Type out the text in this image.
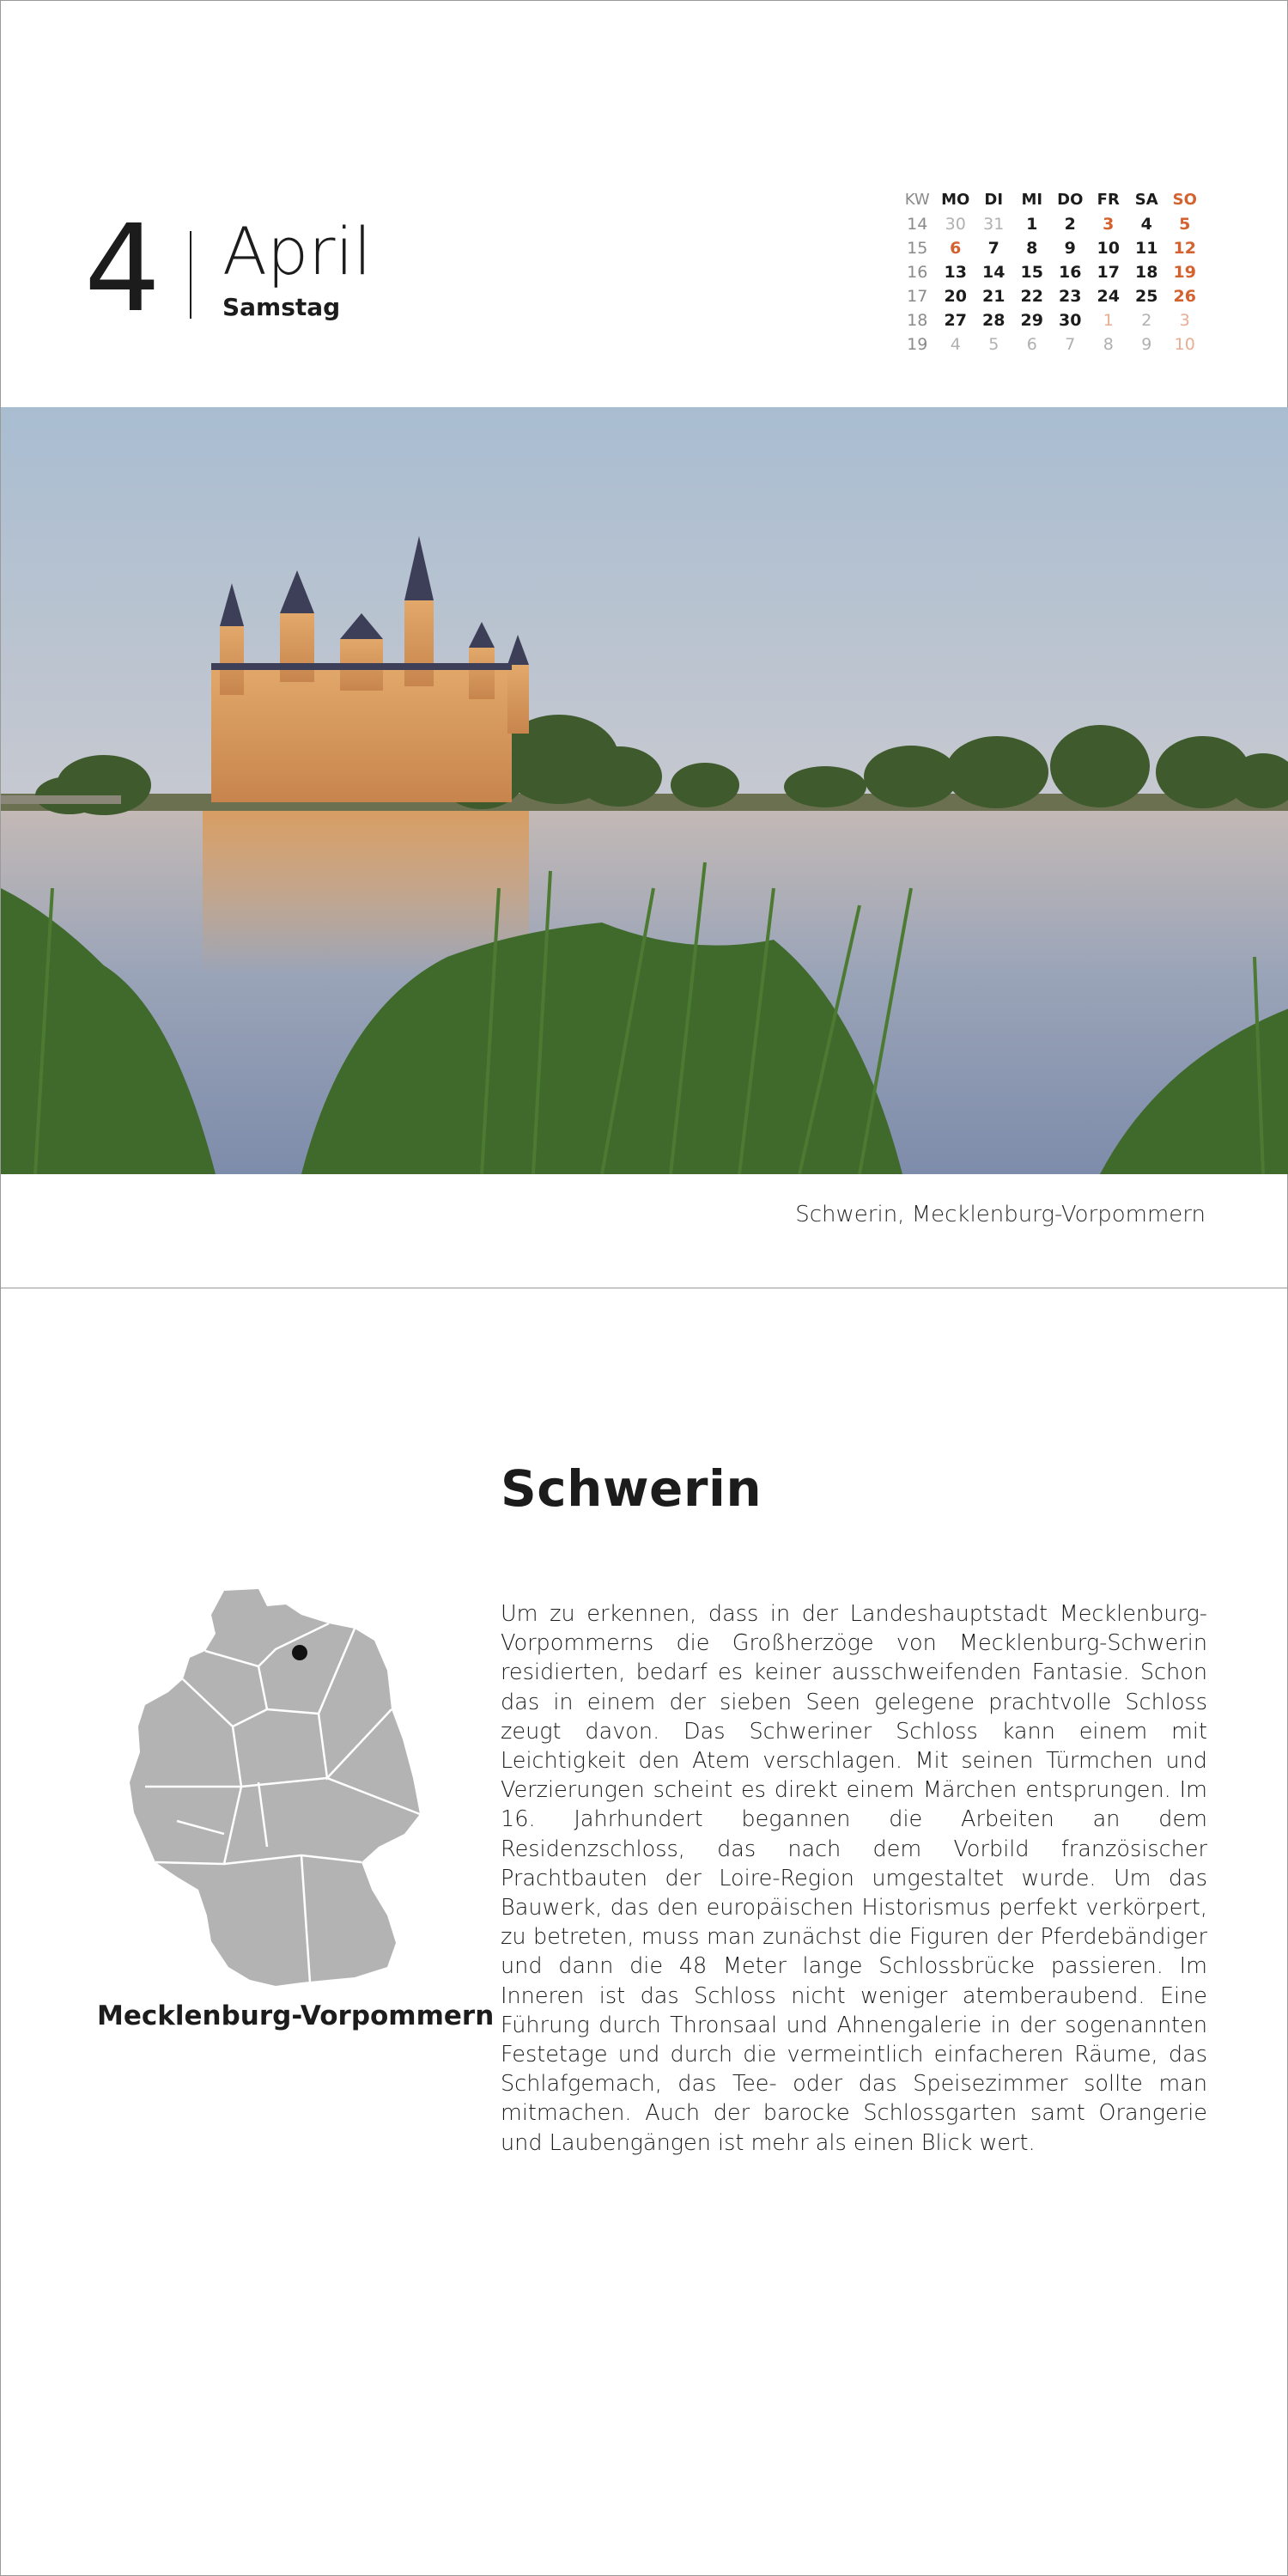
4 April
Samstag
KW	MO	DI	MI	DO	FR	SA	SO
14	30	31	1	2	3	4	5
15	6	7	8	9	10	11	12
16	13	14	15	16	17	18	19
17	20	21	22	23	24	25	26
18	27	28	29	30	1	2	3
19	4	5	6	7	8	9	10
Schwerin, Mecklenburg-Vorpommern
Schwerin

Um zu erkennen, dass in der Landeshauptstadt Mecklenburg-Vorpommerns die Großherzöge von Mecklenburg-Schwerin residierten, bedarf es keiner ausschweifenden Fantasie. Schon das in einem der sieben Seen gelegene prachtvolle Schloss zeugt davon. Das Schweriner Schloss kann einem mit Leichtigkeit den Atem verschlagen. Mit seinen Türmchen und Verzierungen scheint es direkt einem Märchen entsprungen. Im 16. Jahrhundert begannen die Arbeiten an dem Residenzschloss, das nach dem Vorbild französischer Prachtbauten der Loire-Region umgestaltet wurde. Um das Bauwerk, das den europäischen Historismus perfekt verkörpert, zu betreten, muss man zunächst die Figuren der Pferdebändiger und dann die 48 Meter lange Schlossbrücke passieren. Im Inneren ist das Schloss nicht weniger atemberaubend. Eine Führung durch Thronsaal und Ahnengalerie in der sogenannten Festetage und durch die vermeintlich einfacheren Räume, das Schlafgemach, das Tee- oder das Speisezimmer sollte man mitmachen. Auch der barocke Schlossgarten samt Orangerie und Laubengängen ist mehr als einen Blick wert.

Mecklenburg-Vorpommern
